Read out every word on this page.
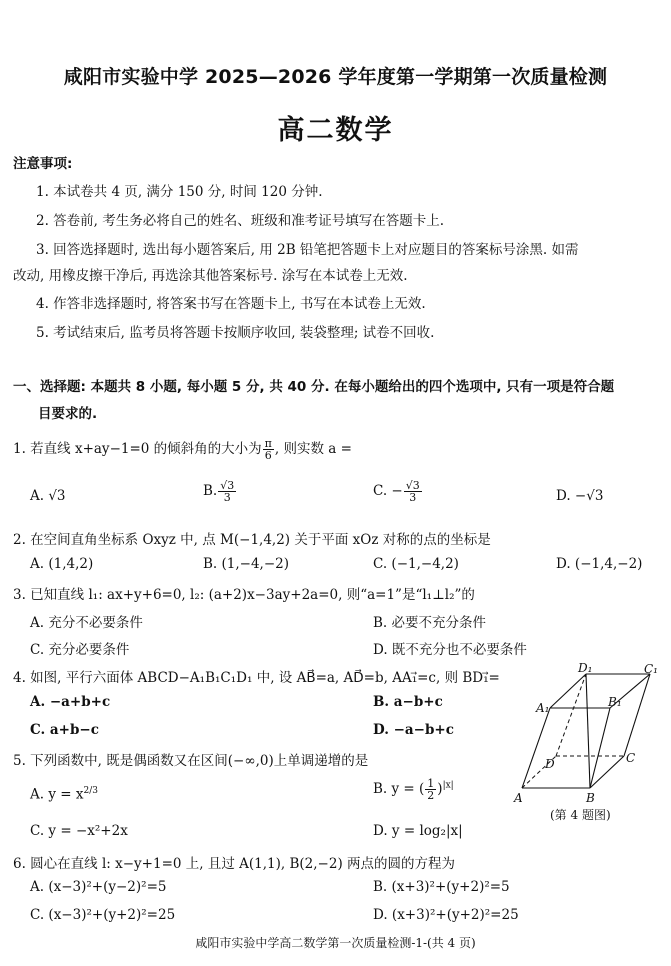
咸阳市实验中学 2025—2026 学年度第一学期第一次质量检测
高二数学
注意事项:
1. 本试卷共 4 页, 满分 150 分, 时间 120 分钟.
2. 答卷前, 考生务必将自己的姓名、班级和准考证号填写在答题卡上.
3. 回答选择题时, 选出每小题答案后, 用 2B 铅笔把答题卡上对应题目的答案标号涂黑. 如需
改动, 用橡皮擦干净后, 再选涂其他答案标号. 涂写在本试卷上无效.
4. 作答非选择题时, 将答案书写在答题卡上, 书写在本试卷上无效.
5. 考试结束后, 监考员将答题卡按顺序收回, 装袋整理; 试卷不回收.
一、选择题: 本题共 8 小题, 每小题 5 分, 共 40 分. 在每小题给出的四个选项中, 只有一项是符合题
目要求的.
1. 若直线 x+ay−1=0 的倾斜角的大小为 $\frac{\pi}{6}$ , 则实数 a =
A. √3	B. $\frac{√3}{3}$	C. − $\frac{√3}{3}$	D. −√3
2. 在空间直角坐标系 Oxyz 中, 点 M(−1,4,2) 关于平面 xOz 对称的点的坐标是
A. (1,4,2)	B. (1,−4,−2)	C. (−1,−4,2)	D. (−1,4,−2)
3. 已知直线 l₁: ax+y+6=0, l₂: (a+2)x−3ay+2a=0, 则“a=1”是“l₁⊥l₂”的
A. 充分不必要条件	B. 必要不充分条件
C. 充分必要条件	D. 既不充分也不必要条件
4. 如图, 平行六面体 ABCD−A₁B₁C₁D₁ 中, 设 AB⃗=a, AD⃗=b, AA₁⃗=c, 则 BD₁⃗=
A. −a+b+c	B. a−b+c
C. a+b−c	D. −a−b+c
5. 下列函数中, 既是偶函数又在区间(−∞,0)上单调递增的是
A. $y = x^{2/3}$	B. y = ( $\frac{1}{2} )^{|x|}$
C. y = −x²+2x	D. y = log₂|x|
6. 圆心在直线 l: x−y+1=0 上, 且过 A(1,1), B(2,−2) 两点的圆的方程为
A. (x−3)²+(y−2)²=5	B. (x+3)²+(y+2)²=5
C. (x−3)²+(y+2)²=25	D. (x+3)²+(y+2)²=25
A	B
C
D
A₁	B₁
C₁
D₁
(第 4 题图)
咸阳市实验中学高二数学第一次质量检测-1-(共 4 页)
